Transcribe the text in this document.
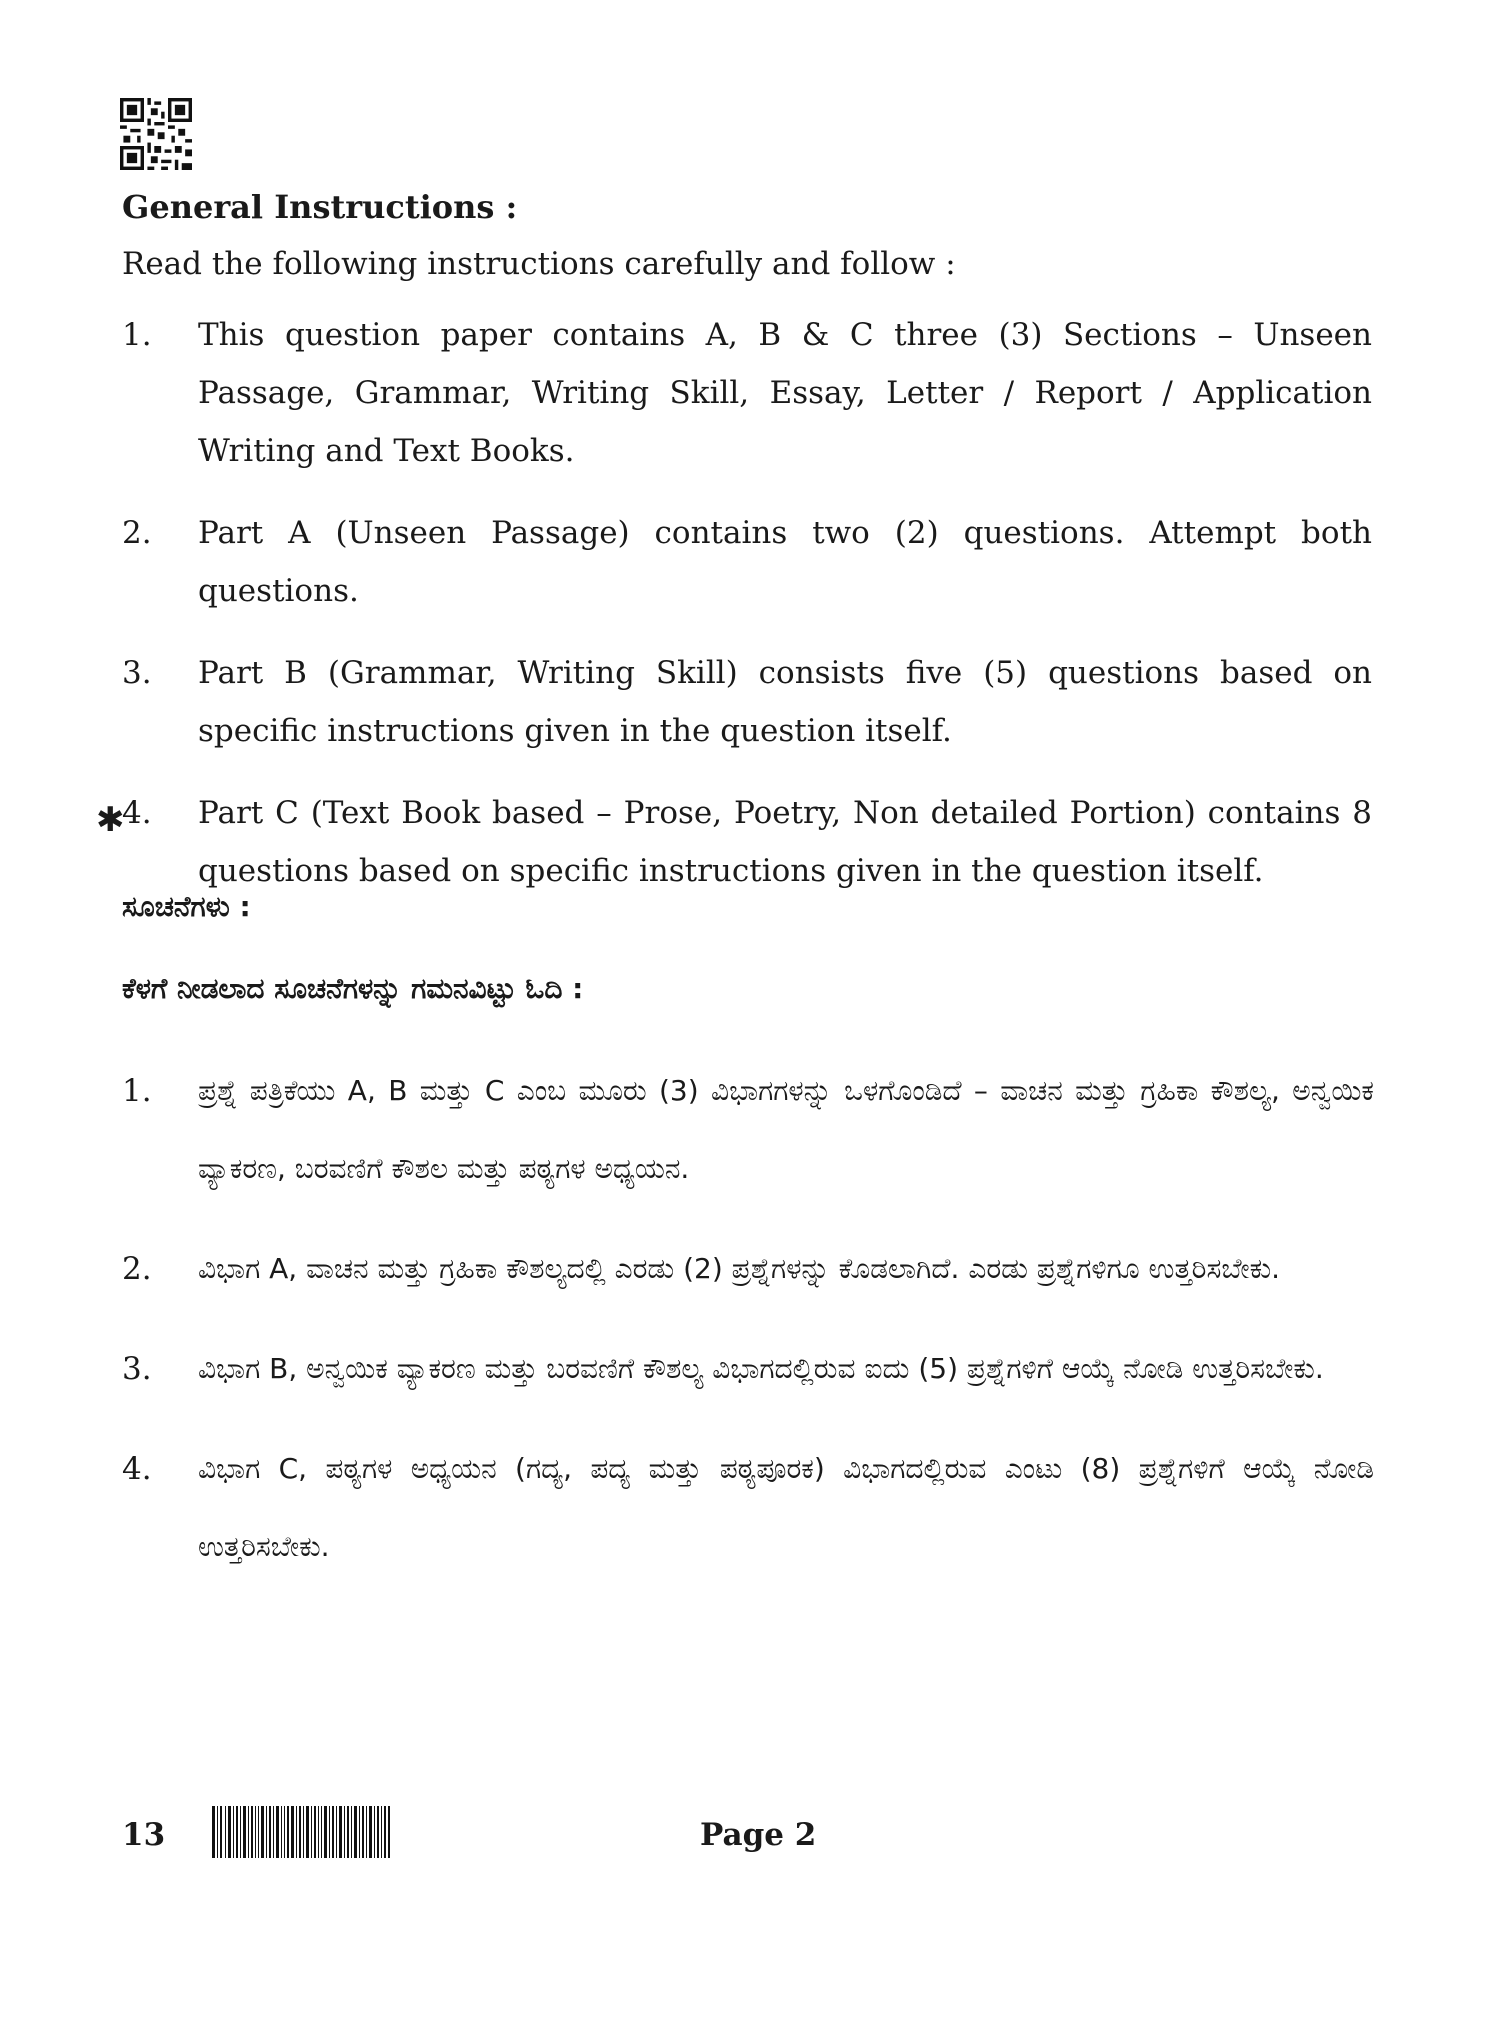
General Instructions :
Read the following instructions carefully and follow :
1.	This question paper contains A, B & C three (3) Sections – Unseen Passage, Grammar, Writing Skill, Essay, Letter / Report / Application Writing and Text Books.
2.	Part A (Unseen Passage) contains two (2) questions. Attempt both questions.
3.	Part B (Grammar, Writing Skill) consists five (5) questions based on specific instructions given in the question itself.
4.	Part C (Text Book based – Prose, Poetry, Non detailed Portion) contains 8 questions based on specific instructions given in the question itself.
✱
ಸೂಚನೆಗಳು :
ಕೆಳಗೆ ನೀಡಲಾದ ಸೂಚನೆಗಳನ್ನು ಗಮನವಿಟ್ಟು ಓದಿ :
1.	ಪ್ರಶ್ನೆ ಪತ್ರಿಕೆಯು A, B ಮತ್ತು C ಎಂಬ ಮೂರು (3) ವಿಭಾಗಗಳನ್ನು ಒಳಗೊಂಡಿದೆ – ವಾಚನ ಮತ್ತು ಗ್ರಹಿಕಾ ಕೌಶಲ್ಯ, ಅನ್ವಯಿಕ ವ್ಯಾಕರಣ, ಬರವಣಿಗೆ ಕೌಶಲ ಮತ್ತು ಪಠ್ಯಗಳ ಅಧ್ಯಯನ.
2.	ವಿಭಾಗ A, ವಾಚನ ಮತ್ತು ಗ್ರಹಿಕಾ ಕೌಶಲ್ಯದಲ್ಲಿ ಎರಡು (2) ಪ್ರಶ್ನೆಗಳನ್ನು ಕೊಡಲಾಗಿದೆ. ಎರಡು ಪ್ರಶ್ನೆಗಳಿಗೂ ಉತ್ತರಿಸಬೇಕು.
3.	ವಿಭಾಗ B, ಅನ್ವಯಿಕ ವ್ಯಾಕರಣ ಮತ್ತು ಬರವಣಿಗೆ ಕೌಶಲ್ಯ ವಿಭಾಗದಲ್ಲಿರುವ ಐದು (5) ಪ್ರಶ್ನೆಗಳಿಗೆ ಆಯ್ಕೆ ನೋಡಿ ಉತ್ತರಿಸಬೇಕು.
4.	ವಿಭಾಗ C, ಪಠ್ಯಗಳ ಅಧ್ಯಯನ (ಗದ್ಯ, ಪದ್ಯ ಮತ್ತು ಪಠ್ಯಪೂರಕ) ವಿಭಾಗದಲ್ಲಿರುವ ಎಂಟು (8) ಪ್ರಶ್ನೆಗಳಿಗೆ ಆಯ್ಕೆ ನೋಡಿ ಉತ್ತರಿಸಬೇಕು.
13	Page 2
